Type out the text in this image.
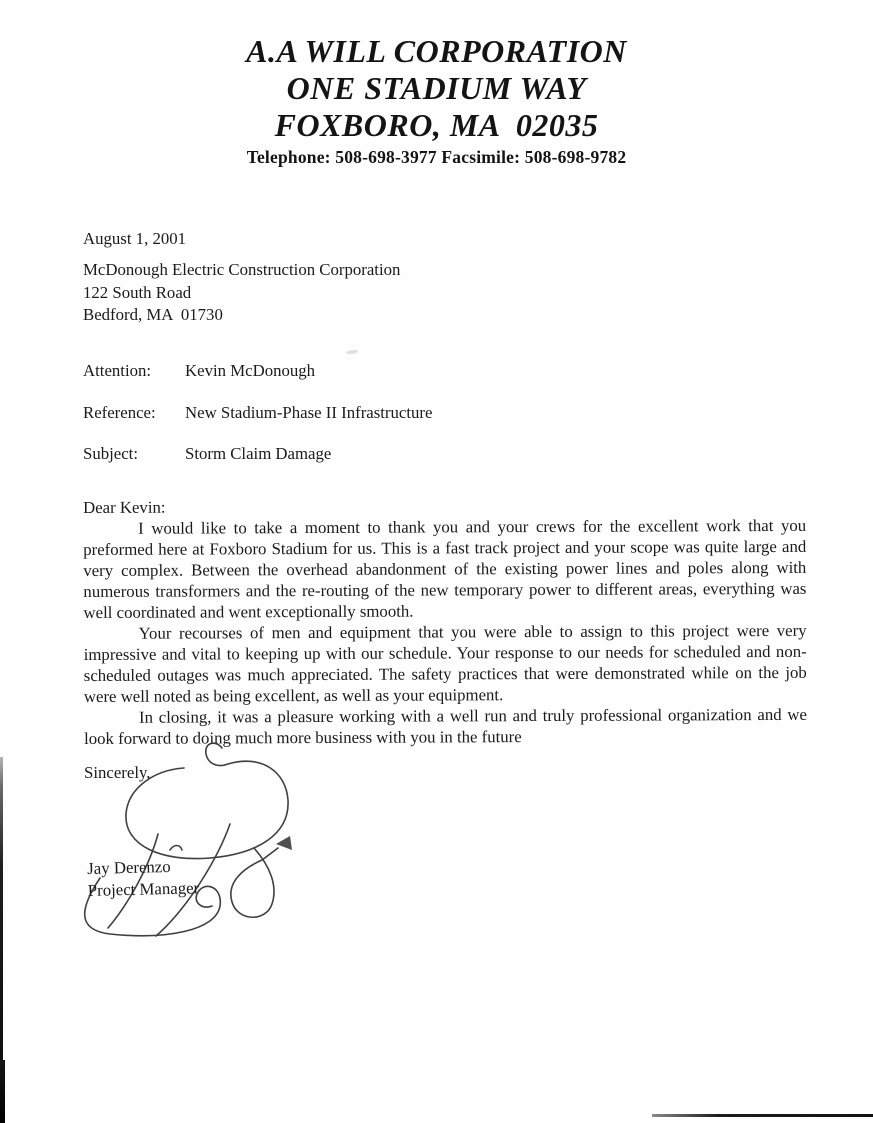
A.A WILL CORPORATION
ONE STADIUM WAY
FOXBORO, MA  02035
Telephone: 508-698-3977 Facsimile: 508-698-9782
August 1, 2001
McDonough Electric Construction Corporation
122 South Road
Bedford, MA  01730
Attention:	Kevin McDonough
Reference:	New Stadium-Phase II Infrastructure
Subject:	Storm Claim Damage

Dear Kevin:

I would like to take a moment to thank you and your crews for the excellent work that you preformed here at Foxboro Stadium for us. This is a fast track project and your scope was quite large and very complex. Between the overhead abandonment of the existing power lines and poles along with numerous transformers and the re-routing of the new temporary power to different areas, everything was well coordinated and went exceptionally smooth.

Your recourses of men and equipment that you were able to assign to this project were very impressive and vital to keeping up with our schedule. Your response to our needs for scheduled and non-scheduled outages was much appreciated. The safety practices that were demonstrated while on the job were well noted as being excellent, as well as your equipment.

In closing, it was a pleasure working with a well run and truly professional organization and we look forward to doing much more business with you in the future

Sincerely,
Jay Derenzo
Project Manager
